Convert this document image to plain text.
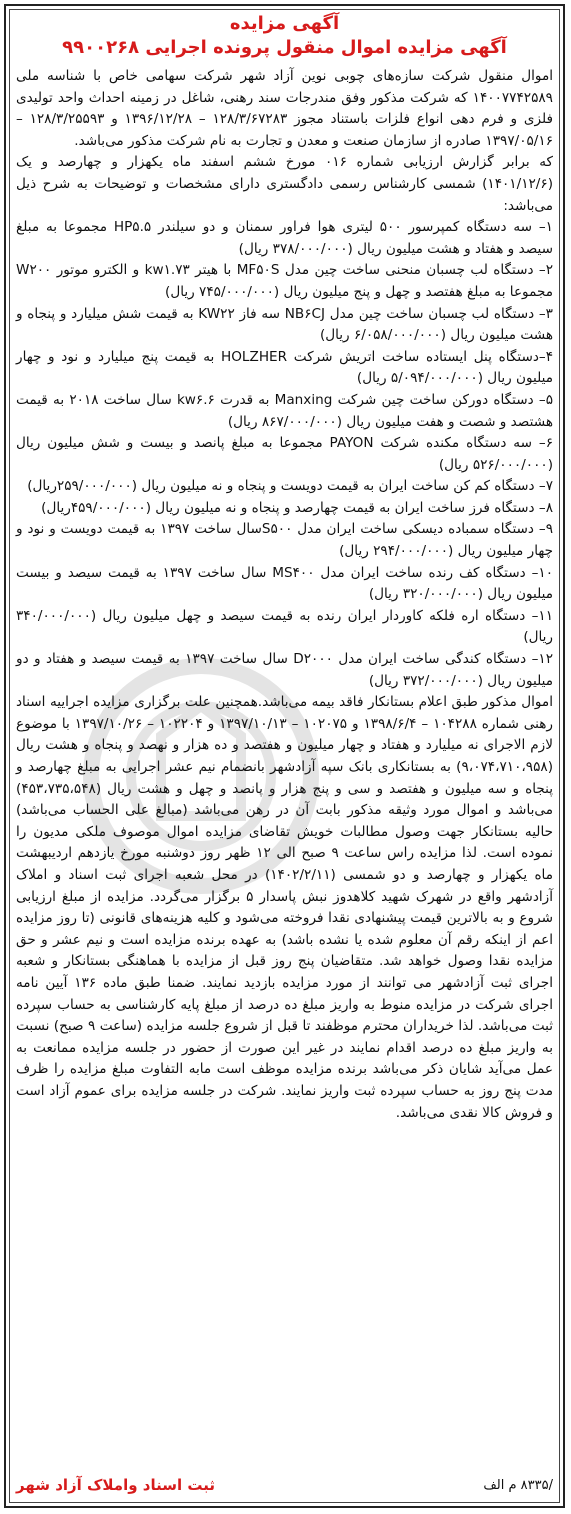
آگهی مزایده
آگهی مزایده اموال منقول پرونده اجرایی ۹۹۰۰۲۶۸

اموال منقول شرکت سازه‌های چوبی نوین آزاد شهر شرکت سهامی خاص با شناسه ملی ۱۴۰۰۷۷۴۲۵۸۹ که شرکت مذکور وفق مندرجات سند رهنی، شاغل در زمینه احداث واحد تولیدی فلزی و فرم دهی انواع فلزات باستناد مجوز ۱۲۸/۳/۶۷۲۸۳ – ۱۳۹۶/۱۲/۲۸ و ۱۲۸/۳/۲۵۵۹۳ – ۱۳۹۷/۰۵/۱۶ صادره از سازمان صنعت و معدن و تجارت به نام شرکت مذکور می‌باشد.

که برابر گزارش ارزیابی شماره ۰۱۶ مورخ ششم اسفند ماه یکهزار و چهارصد و یک (۱۴۰۱/۱۲/۶) شمسی کارشناس رسمی دادگستری دارای مشخصات و توضیحات به شرح ذیل می‌باشد:

۱– سه دستگاه کمپرسور ۵۰۰ لیتری هوا فراور سمنان و دو سیلندر HP۵.۵ مجموعا به مبلغ سیصد و هفتاد و هشت میلیون ریال (۳۷۸/۰۰۰/۰۰۰ ریال)

۲– دستگاه لب چسبان منحنی ساخت چین مدل MF۵۰S با هیتر kw۱.۷۳ و الکترو موتور W۲۰۰ مجموعا به مبلغ هفتصد و چهل و پنج میلیون ریال (۷۴۵/۰۰۰/۰۰۰ ریال)

۳– دستگاه لب چسبان ساخت چین مدل NB۶CJ سه فاز KW۲۲ به قیمت شش میلیارد و پنجاه و هشت میلیون ریال (۶/۰۵۸/۰۰۰/۰۰۰ ریال)

۴–دستگاه پنل ایستاده ساخت اتریش شرکت HOLZHER به قیمت پنج میلیارد و نود و چهار میلیون ریال (۵/۰۹۴/۰۰۰/۰۰۰ ریال)

۵– دستگاه دورکن ساخت چین شرکت Manxing به قدرت kw۶.۶ سال ساخت ۲۰۱۸ به قیمت هشتصد و شصت و هفت میلیون ریال (۸۶۷/۰۰۰/۰۰۰ ریال)

۶– سه دستگاه مکنده شرکت PAYON مجموعا به مبلغ پانصد و بیست و شش میلیون ریال (۵۲۶/۰۰۰/۰۰۰ ریال)

۷– دستگاه کم کن ساخت ایران به قیمت دویست و پنجاه و نه میلیون ریال (۲۵۹/۰۰۰/۰۰۰ریال)

۸– دستگاه فرز ساخت ایران به قیمت چهارصد و پنجاه و نه میلیون ریال (۴۵۹/۰۰۰/۰۰۰ریال)

۹– دستگاه سمباده دیسکی ساخت ایران مدل S۵۰۰سال ساخت ۱۳۹۷ به قیمت دویست و نود و چهار میلیون ریال (۲۹۴/۰۰۰/۰۰۰ ریال)

۱۰– دستگاه کف رنده ساخت ایران مدل MS۴۰۰ سال ساخت ۱۳۹۷ به قیمت سیصد و بیست میلیون ریال (۳۲۰/۰۰۰/۰۰۰ ریال)

۱۱– دستگاه اره فلکه کاوردار ایران رنده به قیمت سیصد و چهل میلیون ریال (۳۴۰/۰۰۰/۰۰۰ ریال)

۱۲– دستگاه کندگی ساخت ایران مدل D۲۰۰۰ سال ساخت ۱۳۹۷ به قیمت سیصد و هفتاد و دو میلیون ریال (۳۷۲/۰۰۰/۰۰۰ ریال)

اموال مذکور طبق اعلام بستانکار فاقد بیمه می‌باشد.همچنین علت برگزاری مزایده اجراییه اسناد رهنی شماره ۱۰۴۲۸۸ – ۱۳۹۸/۶/۴ و ۱۰۲۰۷۵ – ۱۳۹۷/۱۰/۱۳ و ۱۰۲۲۰۴ – ۱۳۹۷/۱۰/۲۶ با موضوع لازم الاجرای نه میلیارد و هفتاد و چهار میلیون و هفتصد و ده هزار و نهصد و پنجاه و هشت ریال (۹،۰۷۴،۷۱۰،۹۵۸) به بستانکاری بانک سپه آزادشهر بانضمام نیم عشر اجرایی به مبلغ چهارصد و پنجاه و سه میلیون و هفتصد و سی و پنج هزار و پانصد و چهل و هشت ریال (۴۵۳،۷۳۵،۵۴۸) می‌باشد و اموال مورد وثیقه مذکور بابت آن در رهن می‌باشد (مبالغ علی الحساب می‌باشد) حالیه بستانکار جهت وصول مطالبات خویش تقاضای مزایده اموال موصوف ملکی مدیون را نموده است. لذا مزایده راس ساعت ۹ صبح الی ۱۲ ظهر روز دوشنبه مورخ یازدهم اردیبهشت ماه یکهزار و چهارصد و دو شمسی (۱۴۰۲/۲/۱۱) در محل شعبه اجرای ثبت اسناد و املاک آزادشهر واقع در شهرک شهید کلاهدوز نبش پاسدار ۵ برگزار می‌گردد. مزایده از مبلغ ارزیابی شروع و به بالاترین قیمت پیشنهادی نقدا فروخته می‌شود و کلیه هزینه‌های قانونی (تا روز مزایده اعم از اینکه رقم آن معلوم شده یا نشده باشد) به عهده برنده مزایده است و نیم عشر و حق مزایده نقدا وصول خواهد شد. متقاضیان پنج روز قبل از مزایده با هماهنگی بستانکار و شعبه اجرای ثبت آزادشهر می توانند از مورد مزایده بازدید نمایند. ضمنا طبق ماده ۱۳۶ آیین نامه اجرای شرکت در مزایده منوط به واریز مبلغ ده درصد از مبلغ پایه کارشناسی به حساب سپرده ثبت می‌باشد. لذا خریداران محترم موظفند تا قبل از شروع جلسه مزایده (ساعت ۹ صبح) نسبت به واریز مبلغ ده درصد اقدام نمایند در غیر این صورت از حضور در جلسه مزایده ممانعت به عمل می‌آید شایان ذکر می‌باشد برنده مزایده موظف است مابه التفاوت مبلغ مزایده را ظرف مدت پنج روز به حساب سپرده ثبت واریز نمایند. شرکت در جلسه مزایده برای عموم آزاد است و فروش کالا نقدی می‌باشد.

/۸۳۳۵ م الف
ثبت اسناد واملاک آزاد شهر
